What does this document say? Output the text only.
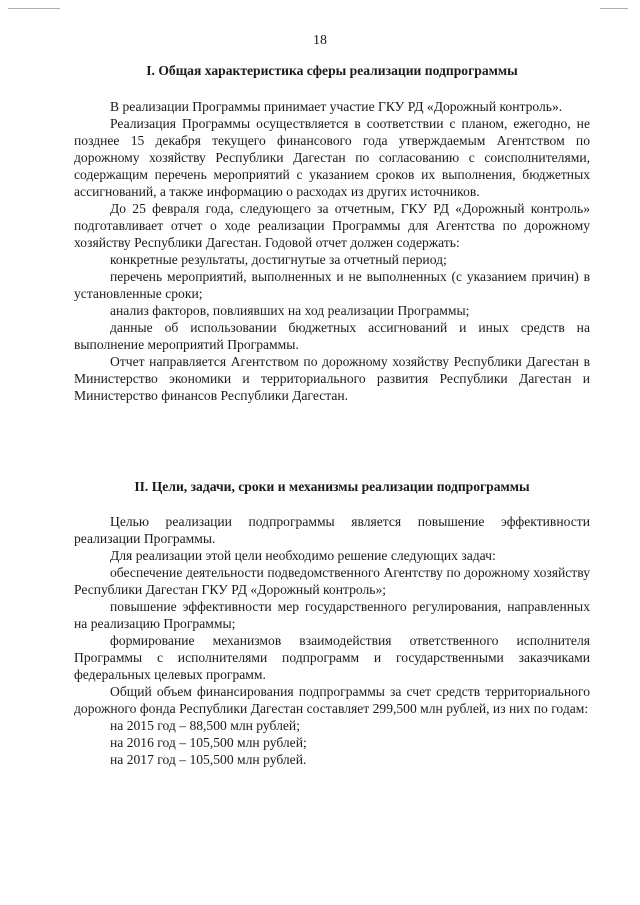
18
I. Общая характеристика сферы реализации подпрограммы

В реализации Программы принимает участие ГКУ РД «Дорожный контроль».

Реализация Программы осуществляется в соответствии с планом, ежегодно, не позднее 15 декабря текущего финансового года утверждаемым Агентством по дорожному хозяйству Республики Дагестан по согласованию с соисполнителями, содержащим перечень мероприятий с указанием сроков их выполнения, бюджетных ассигнований, а также информацию о расходах из других источников.

До 25 февраля года, следующего за отчетным, ГКУ РД «Дорожный контроль» подготавливает отчет о ходе реализации Программы для Агентства по дорожному хозяйству Республики Дагестан. Годовой отчет должен содержать:

конкретные результаты, достигнутые за отчетный период;

перечень мероприятий, выполненных и не выполненных (с указанием причин) в установленные сроки;

анализ факторов, повлиявших на ход реализации Программы;

данные об использовании бюджетных ассигнований и иных средств на выполнение мероприятий Программы.

Отчет направляется Агентством по дорожному хозяйству Республики Дагестан в Министерство экономики и территориального развития Республики Дагестан и Министерство финансов Республики Дагестан.

II. Цели, задачи, сроки и механизмы реализации подпрограммы

Целью реализации подпрограммы является повышение эффективности реализации Программы.

Для реализации этой цели необходимо решение следующих задач:

обеспечение деятельности подведомственного Агентству по дорожному хозяйству Республики Дагестан ГКУ РД «Дорожный контроль»;

повышение эффективности мер государственного регулирования, направленных на реализацию Программы;

формирование механизмов взаимодействия ответственного исполнителя Программы с исполнителями подпрограмм и государственными заказчиками федеральных целевых программ.

Общий объем финансирования подпрограммы за счет средств территориального дорожного фонда Республики Дагестан составляет 299,500 млн рублей, из них по годам:

на 2015 год – 88,500 млн рублей;

на 2016 год – 105,500 млн рублей;

на 2017 год – 105,500 млн рублей.
